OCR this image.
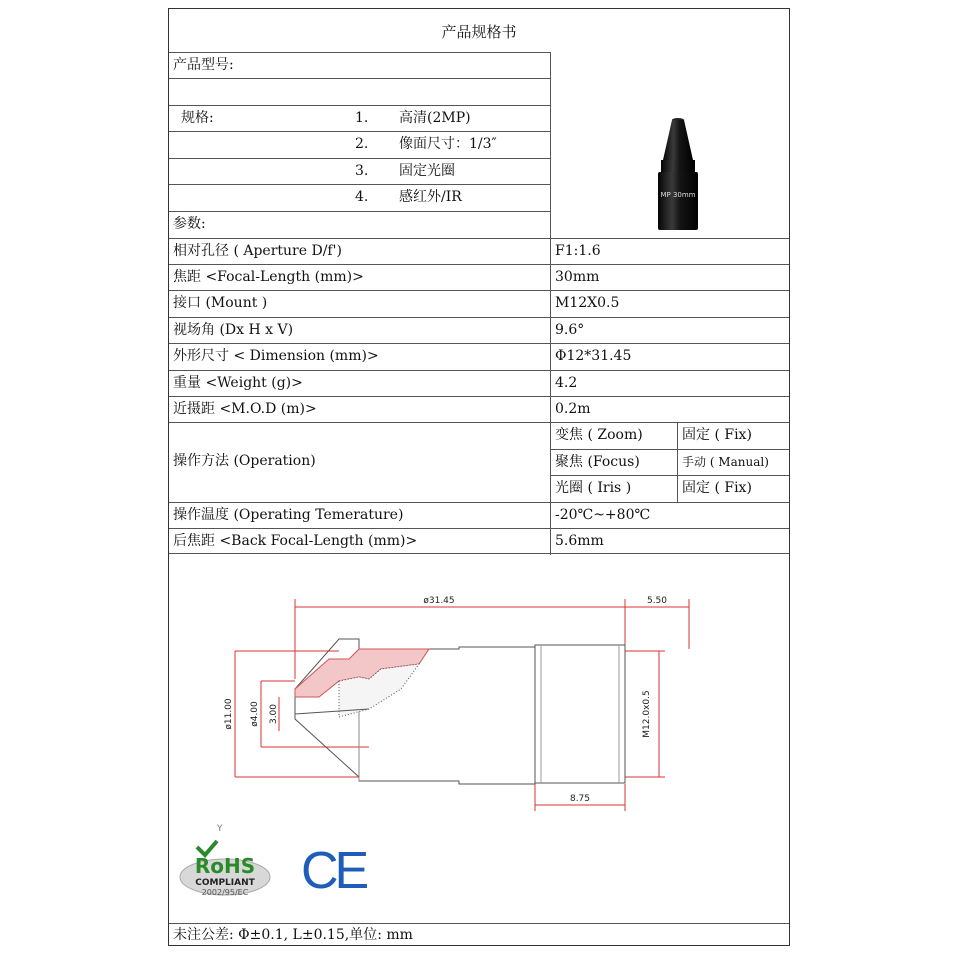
产品规格书
产品型号:
规格:	1. 高清(2MP)
2. 像面尺寸：1/3″
3. 固定光圈
4. 感红外/IR
参数:
MP 30mm
相对孔径 ( Aperture D/f')	F1:1.6
焦距 <Focal-Length (mm)>	30mm
接口 (Mount )	M12X0.5
视场角 (Dx H x V)	9.6°
外形尺寸 < Dimension (mm)>	Φ12*31.45
重量 <Weight (g)>	4.2
近摄距 <M.O.D (m)>	0.2m
操作方法 (Operation)
变焦 ( Zoom)	固定 ( Fix)
聚焦 (Focus)	手动 ( Manual)
光圈 ( Iris )	固定 ( Fix)
操作温度 (Operating Temerature)	-20℃~+80℃
后焦距 <Back Focal-Length (mm)>	5.6mm
ø31.45	5.50
8.75
ø11.00 ø4.00 3.00	M12.0x0.5
Y
RoHS
COMPLIANT
2002/95/EC CE
未注公差: Φ±0.1, L±0.15,单位: mm
